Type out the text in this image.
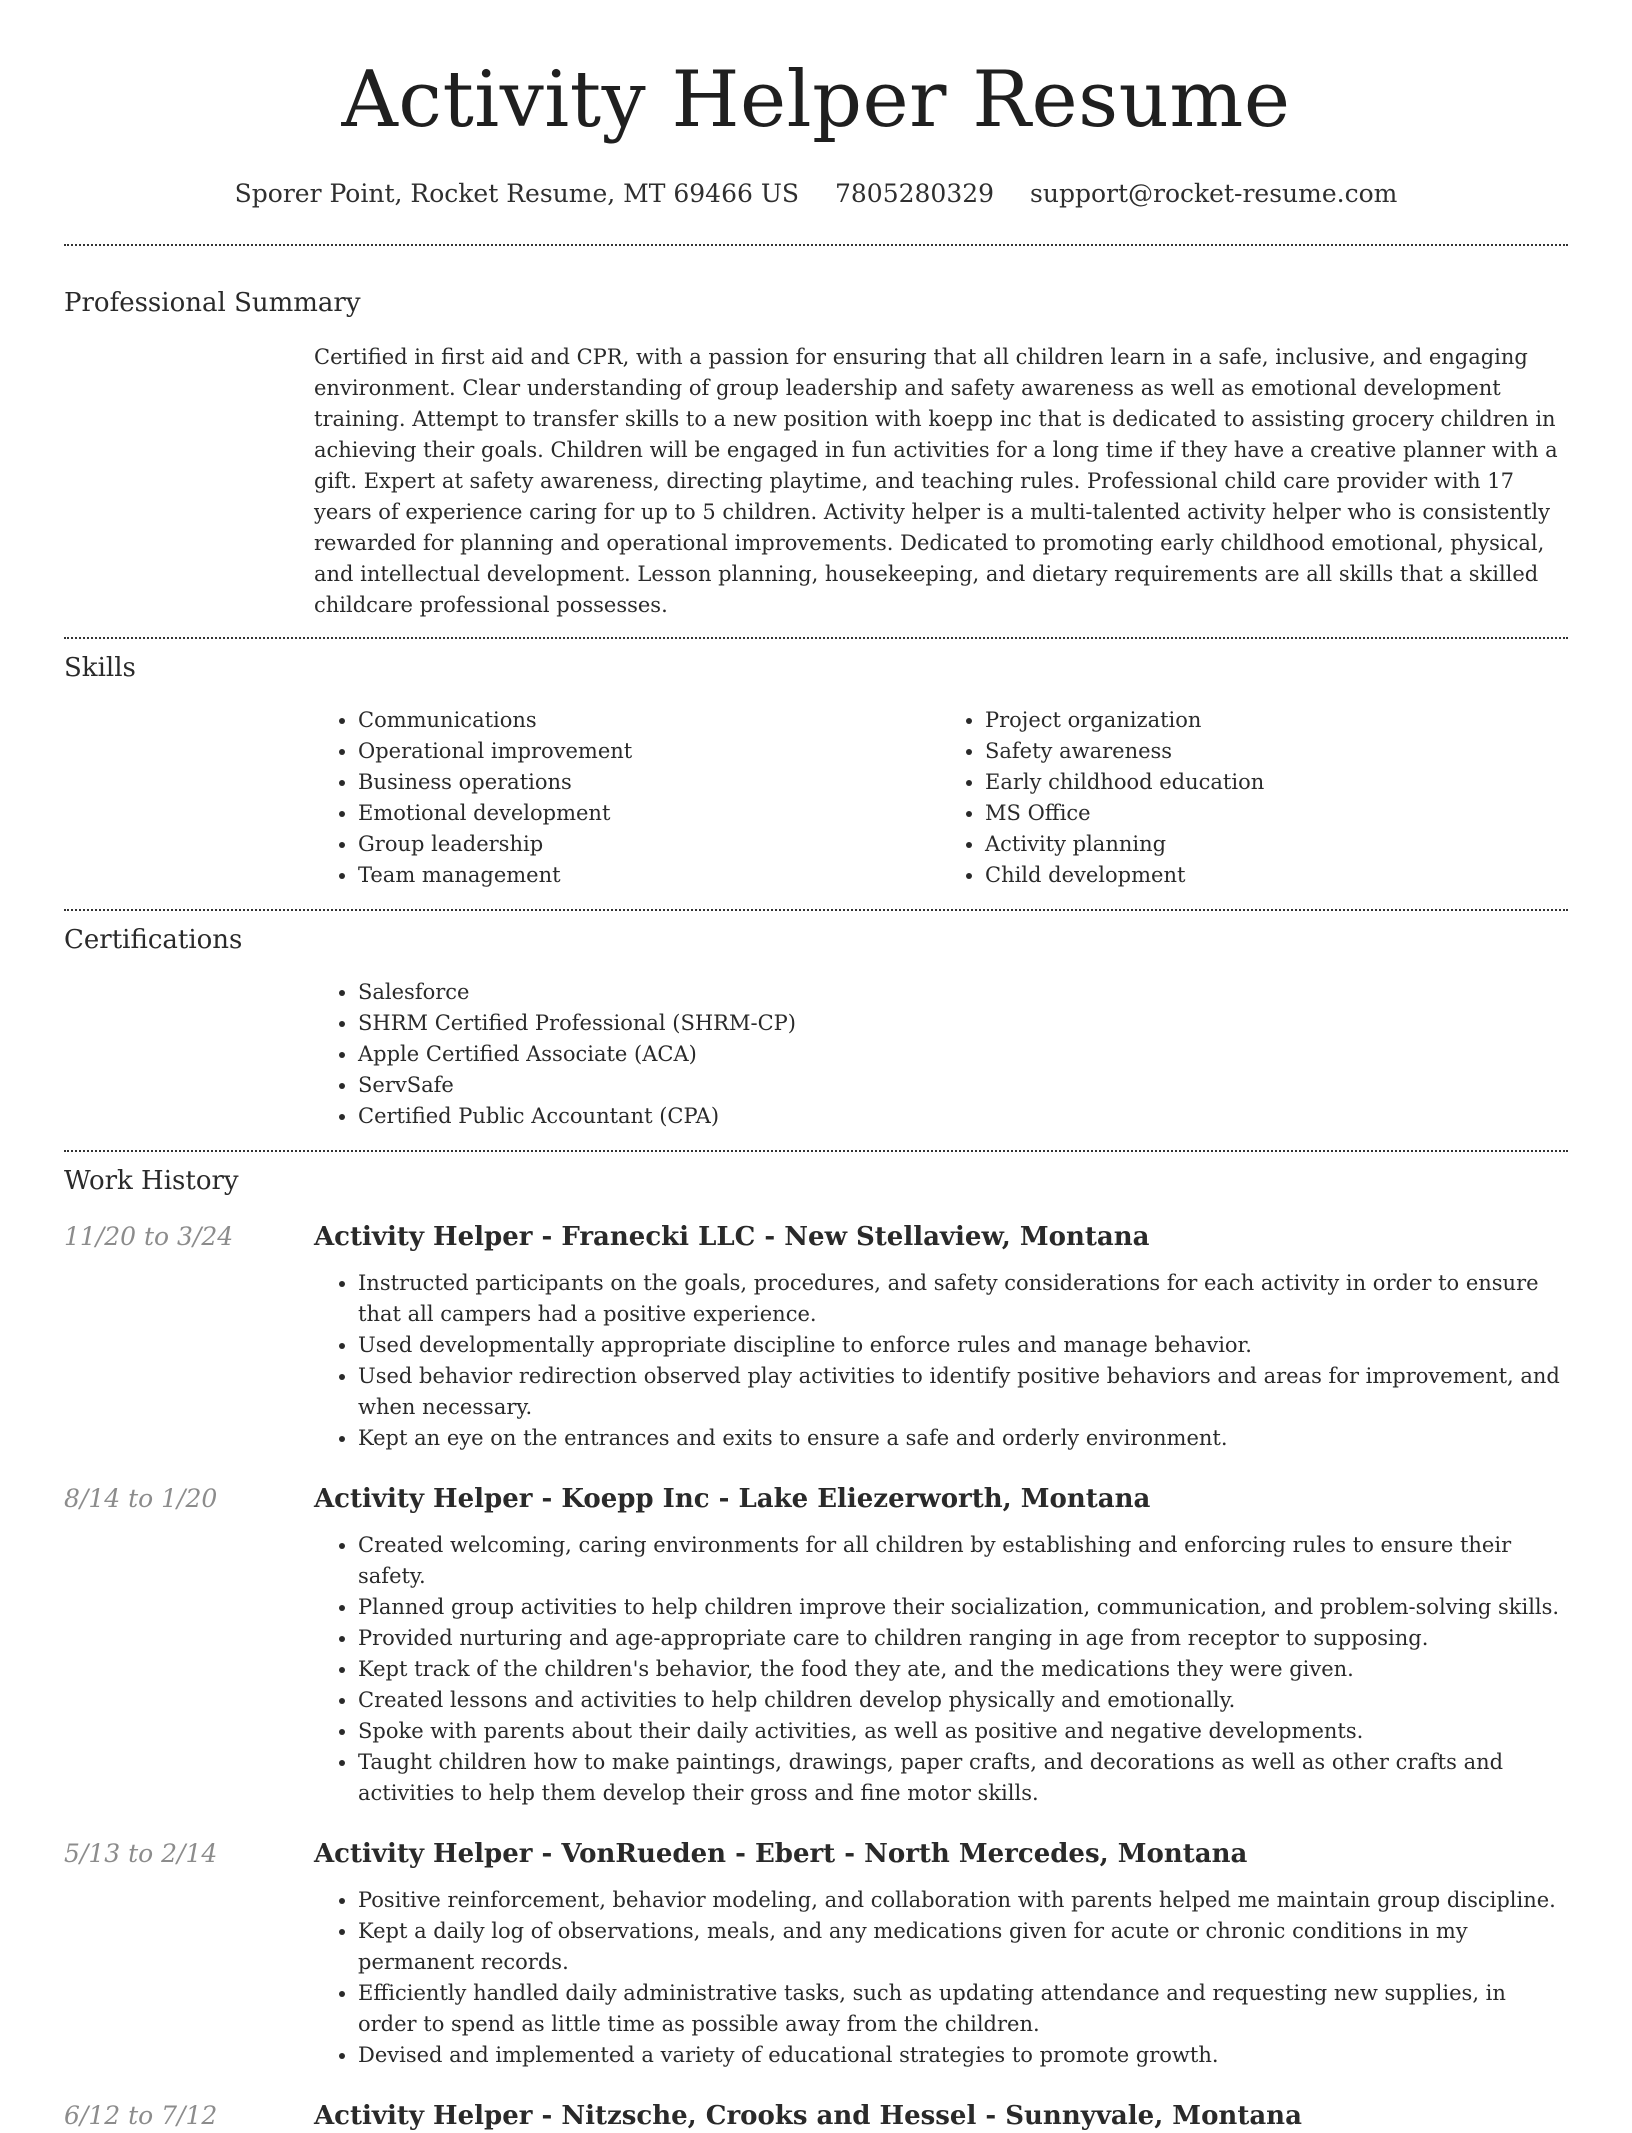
Activity Helper Resume
Sporer Point, Rocket Resume, MT 69466 US 7805280329 support@rocket-resume.com
Professional Summary

Certified in first aid and CPR, with a passion for ensuring that all children learn in a safe, inclusive, and engaging environment. Clear understanding of group leadership and safety awareness as well as emotional development training. Attempt to transfer skills to a new position with koepp inc that is dedicated to assisting grocery children in achieving their goals. Children will be engaged in fun activities for a long time if they have a creative planner with a gift. Expert at safety awareness, directing playtime, and teaching rules. Professional child care provider with 17 years of experience caring for up to 5 children. Activity helper is a multi-talented activity helper who is consistently rewarded for planning and operational improvements. Dedicated to promoting early childhood emotional, physical, and intellectual development. Lesson planning, housekeeping, and dietary requirements are all skills that a skilled childcare professional possesses.

Skills
• Communications
• Operational improvement
• Business operations
• Emotional development
• Group leadership
• Team management
• Project organization
• Safety awareness
• Early childhood education
• MS Office
• Activity planning
• Child development
Certifications
• Salesforce
• SHRM Certified Professional (SHRM-CP)
• Apple Certified Associate (ACA)
• ServSafe
• Certified Public Accountant (CPA)
Work History
11/20 to 3/24	Activity Helper - Franecki LLC - New Stellaview, Montana
• Instructed participants on the goals, procedures, and safety considerations for each activity in order to ensure that all campers had a positive experience.
• Used developmentally appropriate discipline to enforce rules and manage behavior.
• Used behavior redirection observed play activities to identify positive behaviors and areas for improvement, and when necessary.
• Kept an eye on the entrances and exits to ensure a safe and orderly environment.
8/14 to 1/20	Activity Helper - Koepp Inc - Lake Eliezerworth, Montana
• Created welcoming, caring environments for all children by establishing and enforcing rules to ensure their safety.
• Planned group activities to help children improve their socialization, communication, and problem-solving skills.
• Provided nurturing and age-appropriate care to children ranging in age from receptor to supposing.
• Kept track of the children's behavior, the food they ate, and the medications they were given.
• Created lessons and activities to help children develop physically and emotionally.
• Spoke with parents about their daily activities, as well as positive and negative developments.
• Taught children how to make paintings, drawings, paper crafts, and decorations as well as other crafts and activities to help them develop their gross and fine motor skills.
5/13 to 2/14	Activity Helper - VonRueden - Ebert - North Mercedes, Montana
• Positive reinforcement, behavior modeling, and collaboration with parents helped me maintain group discipline.
• Kept a daily log of observations, meals, and any medications given for acute or chronic conditions in my permanent records.
• Efficiently handled daily administrative tasks, such as updating attendance and requesting new supplies, in order to spend as little time as possible away from the children.
• Devised and implemented a variety of educational strategies to promote growth.
6/12 to 7/12	Activity Helper - Nitzsche, Crooks and Hessel - Sunnyvale, Montana
